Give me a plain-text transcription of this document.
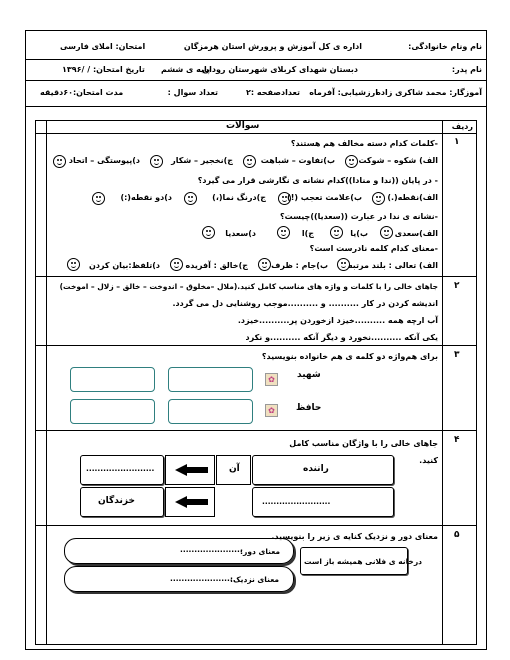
نام ونام خانوادگی:
اداره ی کل آموزش و پرورش استان هرمزگان
امتحان: املای فارسی
نام پدر:
دبستان شهدای کربلای شهرستان رودان
پایه ی ششم
تاریخ امتحان: / /۱۳۹۶
آموزگار: محمد شاکری زاده
ارزشیابی: آفرماه
تعدادصفحه :۲
تعداد سوال :
مدت امتحان:۶۰دقیقه
ردیف
سوالات
۱
۲
۳
۴
۵
-کلمات کدام دسته مخالف هم هستند؟
الف) شکوه – شوکت
ب)تفاوت – شباهت
ج)نخجیر – شکار
د)پیوستگی – اتحاد
- در پایان ((ندا و منادا))کدام نشانه ی نگارشی قرار می گیرد؟
الف)نقطه(.)
ب)علامت تعجب (!)
ج)درنگ نما(،)
د)دو نقطه(:)
-نشانه ی ندا در عبارت ((سعدیا))چیست؟
الف)سعدی
ب)یا
ج)ا
د)سعدیا
-معنای کدام کلمه نادرست است؟
الف) تعالی : بلند مرتبه
ب)جام : ظرف
ج)خالق : آفریده
د)تلفظ:بیان کردن
جاهای خالی را با کلمات و واژه های مناسب کامل کنید.(ملال –مخلوق – اندوخت – خالق – زلال – اموخت)
اندیشه کردن در کار .......... و ..........موجب روشنایی دل می گردد.
آب ارچه همه ..........خیزد ازخوردن پر..........خیزد.
یکی آنکه ..........نخورد و دیگر آنکه ..........و نکرد
برای هم‌واژه دو کلمه ی هم خانواده بنویسید؟
✿	شهید
✿	حافظ
جاهای خالی را با واژگان مناسب کامل کنید.
راننده
آن
........................
........................
خزندگان
معنای دور و نزدیک کنایه ی زیر را بنویسید.
درخانه ی فلانی همیشه باز است
معنای دور:
......................
معنای نزدیک:
......................
